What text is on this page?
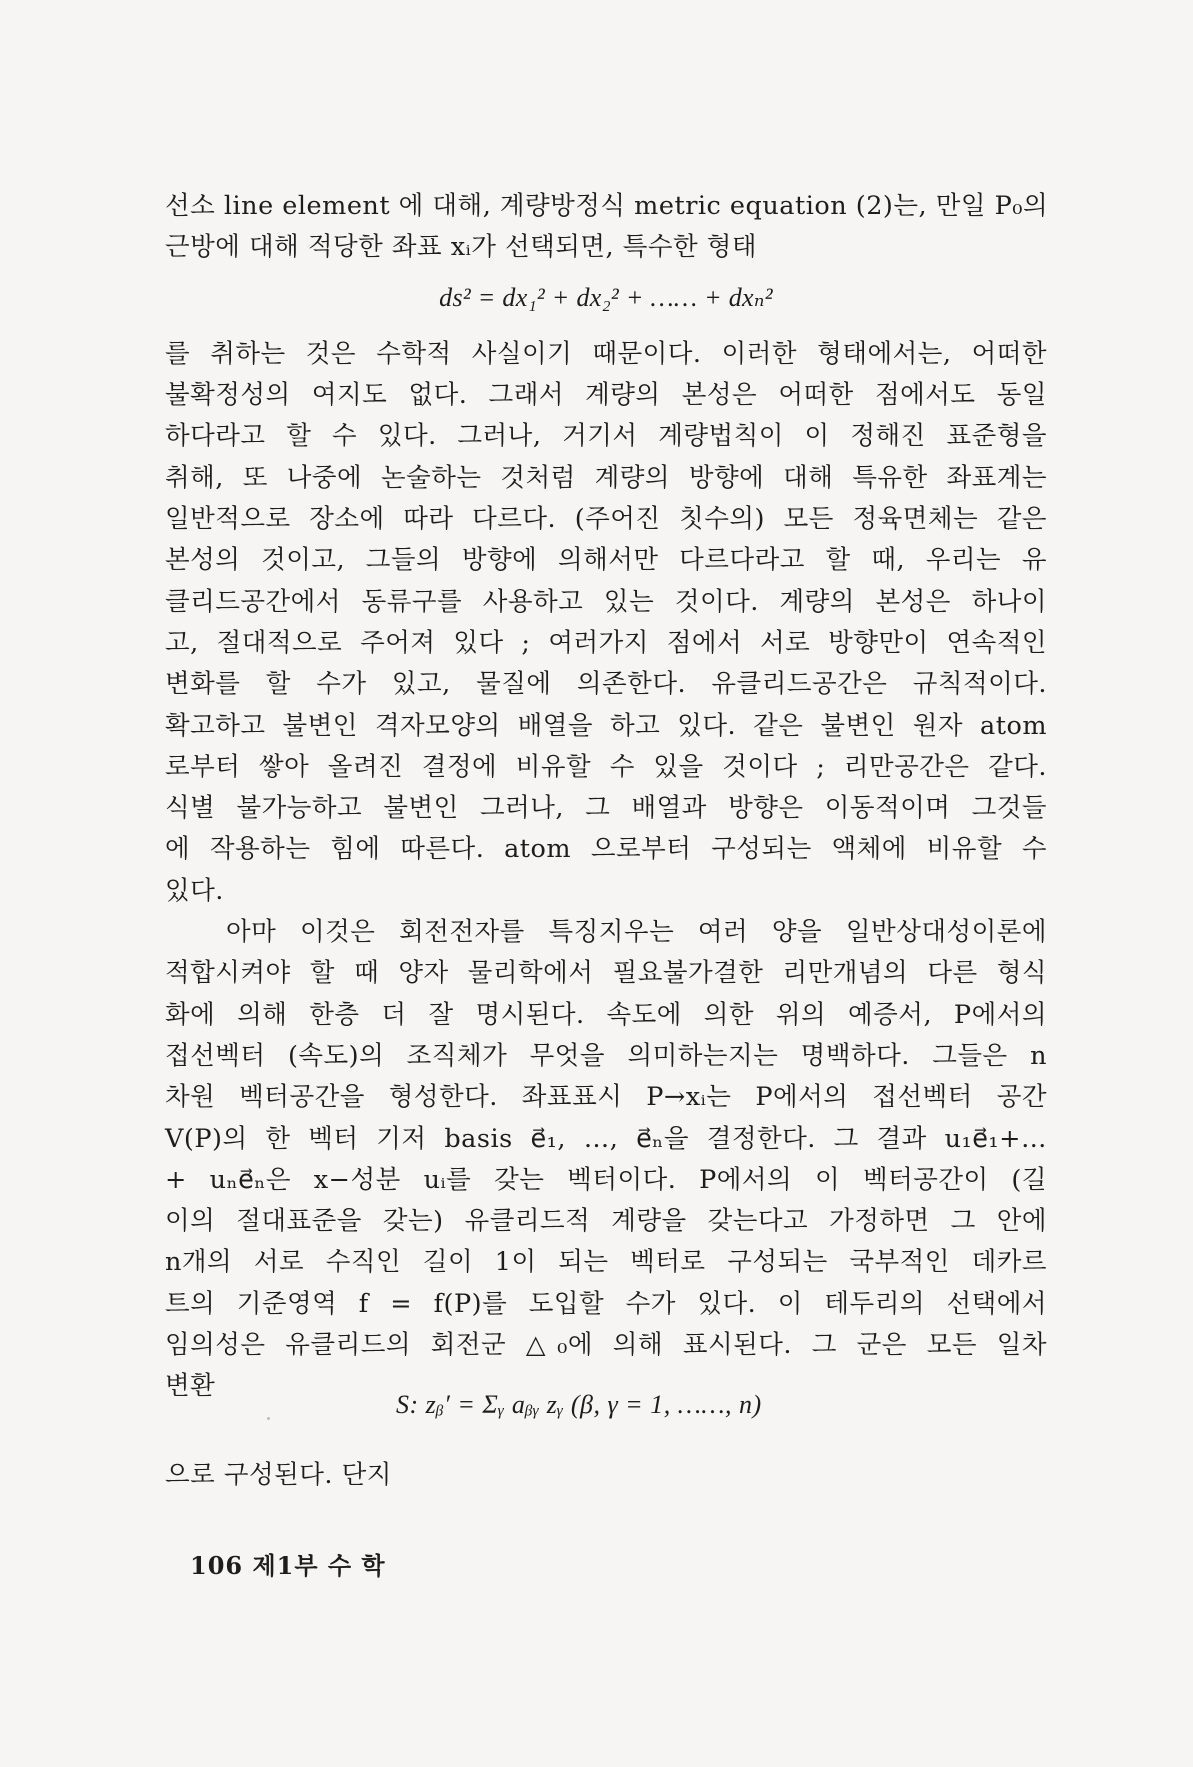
선소 line element 에 대해, 계량방정식 metric equation (2)는, 만일 P₀의
근방에 대해 적당한 좌표 xᵢ가 선택되면, 특수한 형태
ds² = dx₁² + dx₂² + …… + dxₙ²
를 취하는 것은 수학적 사실이기 때문이다. 이러한 형태에서는, 어떠한
불확정성의 여지도 없다. 그래서 계량의 본성은 어떠한 점에서도 동일
하다라고 할 수 있다. 그러나, 거기서 계량법칙이 이 정해진 표준형을
취해, 또 나중에 논술하는 것처럼 계량의 방향에 대해 특유한 좌표계는
일반적으로 장소에 따라 다르다. (주어진 칫수의) 모든 정육면체는 같은
본성의 것이고, 그들의 방향에 의해서만 다르다라고 할 때, 우리는 유
클리드공간에서 동류구를 사용하고 있는 것이다. 계량의 본성은 하나이
고, 절대적으로 주어져 있다 ; 여러가지 점에서 서로 방향만이 연속적인
변화를 할 수가 있고, 물질에 의존한다. 유클리드공간은 규칙적이다.
확고하고 불변인 격자모양의 배열을 하고 있다. 같은 불변인 원자 atom
로부터 쌓아 올려진 결정에 비유할 수 있을 것이다 ; 리만공간은 같다.
식별 불가능하고 불변인 그러나, 그 배열과 방향은 이동적이며 그것들
에 작용하는 힘에 따른다. atom 으로부터 구성되는 액체에 비유할 수
있다.
아마 이것은 회전전자를 특징지우는 여러 양을 일반상대성이론에
적합시켜야 할 때 양자 물리학에서 필요불가결한 리만개념의 다른 형식
화에 의해 한층 더 잘 명시된다. 속도에 의한 위의 예증서, P에서의
접선벡터 (속도)의 조직체가 무엇을 의미하는지는 명백하다. 그들은 n
차원 벡터공간을 형성한다. 좌표표시 P→xᵢ는 P에서의 접선벡터 공간
V(P)의 한 벡터 기저 basis e⃗₁, …, e⃗ₙ을 결정한다. 그 결과 u₁e⃗₁+…
+ uₙe⃗ₙ은 x−성분 uᵢ를 갖는 벡터이다. P에서의 이 벡터공간이 (길
이의 절대표준을 갖는) 유클리드적 계량을 갖는다고 가정하면 그 안에
n개의 서로 수직인 길이 1이 되는 벡터로 구성되는 국부적인 데카르
트의 기준영역 f = f(P)를 도입할 수가 있다. 이 테두리의 선택에서
임의성은 유클리드의 회전군 △₀에 의해 표시된다. 그 군은 모든 일차
변환
S: zᵦ′ = Σᵧ aᵦᵧ zᵧ (β, γ = 1, ……, n)
으로 구성된다. 단지
106 제1부 수 학
